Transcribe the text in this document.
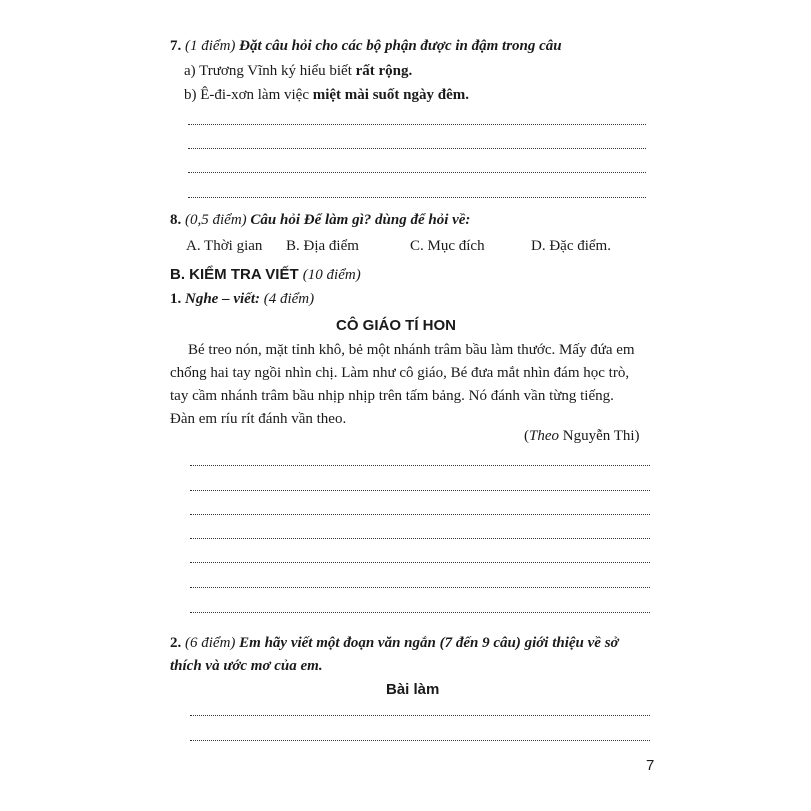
7. (1 điểm) Đặt câu hỏi cho các bộ phận được in đậm trong câu
a) Trương Vĩnh ký hiểu biết rất rộng.
b) Ê-đi-xơn làm việc miệt mài suốt ngày đêm.
8. (0,5 điểm) Câu hỏi Để làm gì? dùng để hỏi về:
A. Thời gian B. Địa điểm	C. Mục đích	D. Đặc điểm.
B. KIỂM TRA VIẾT (10 điểm)
1. Nghe – viết: (4 điểm)
CÔ GIÁO TÍ HON
Bé treo nón, mặt tỉnh khô, bẻ một nhánh trâm bầu làm thước. Mấy đứa em chống hai tay ngồi nhìn chị. Làm như cô giáo, Bé đưa mắt nhìn đám học trò, tay cầm nhánh trâm bầu nhịp nhịp trên tấm bảng. Nó đánh vần từng tiếng. Đàn em ríu rít đánh vần theo.
(Theo Nguyễn Thi)
2. (6 điểm) Em hãy viết một đoạn văn ngắn (7 đến 9 câu) giới thiệu về sở
thích và ước mơ của em.
Bài làm
7
